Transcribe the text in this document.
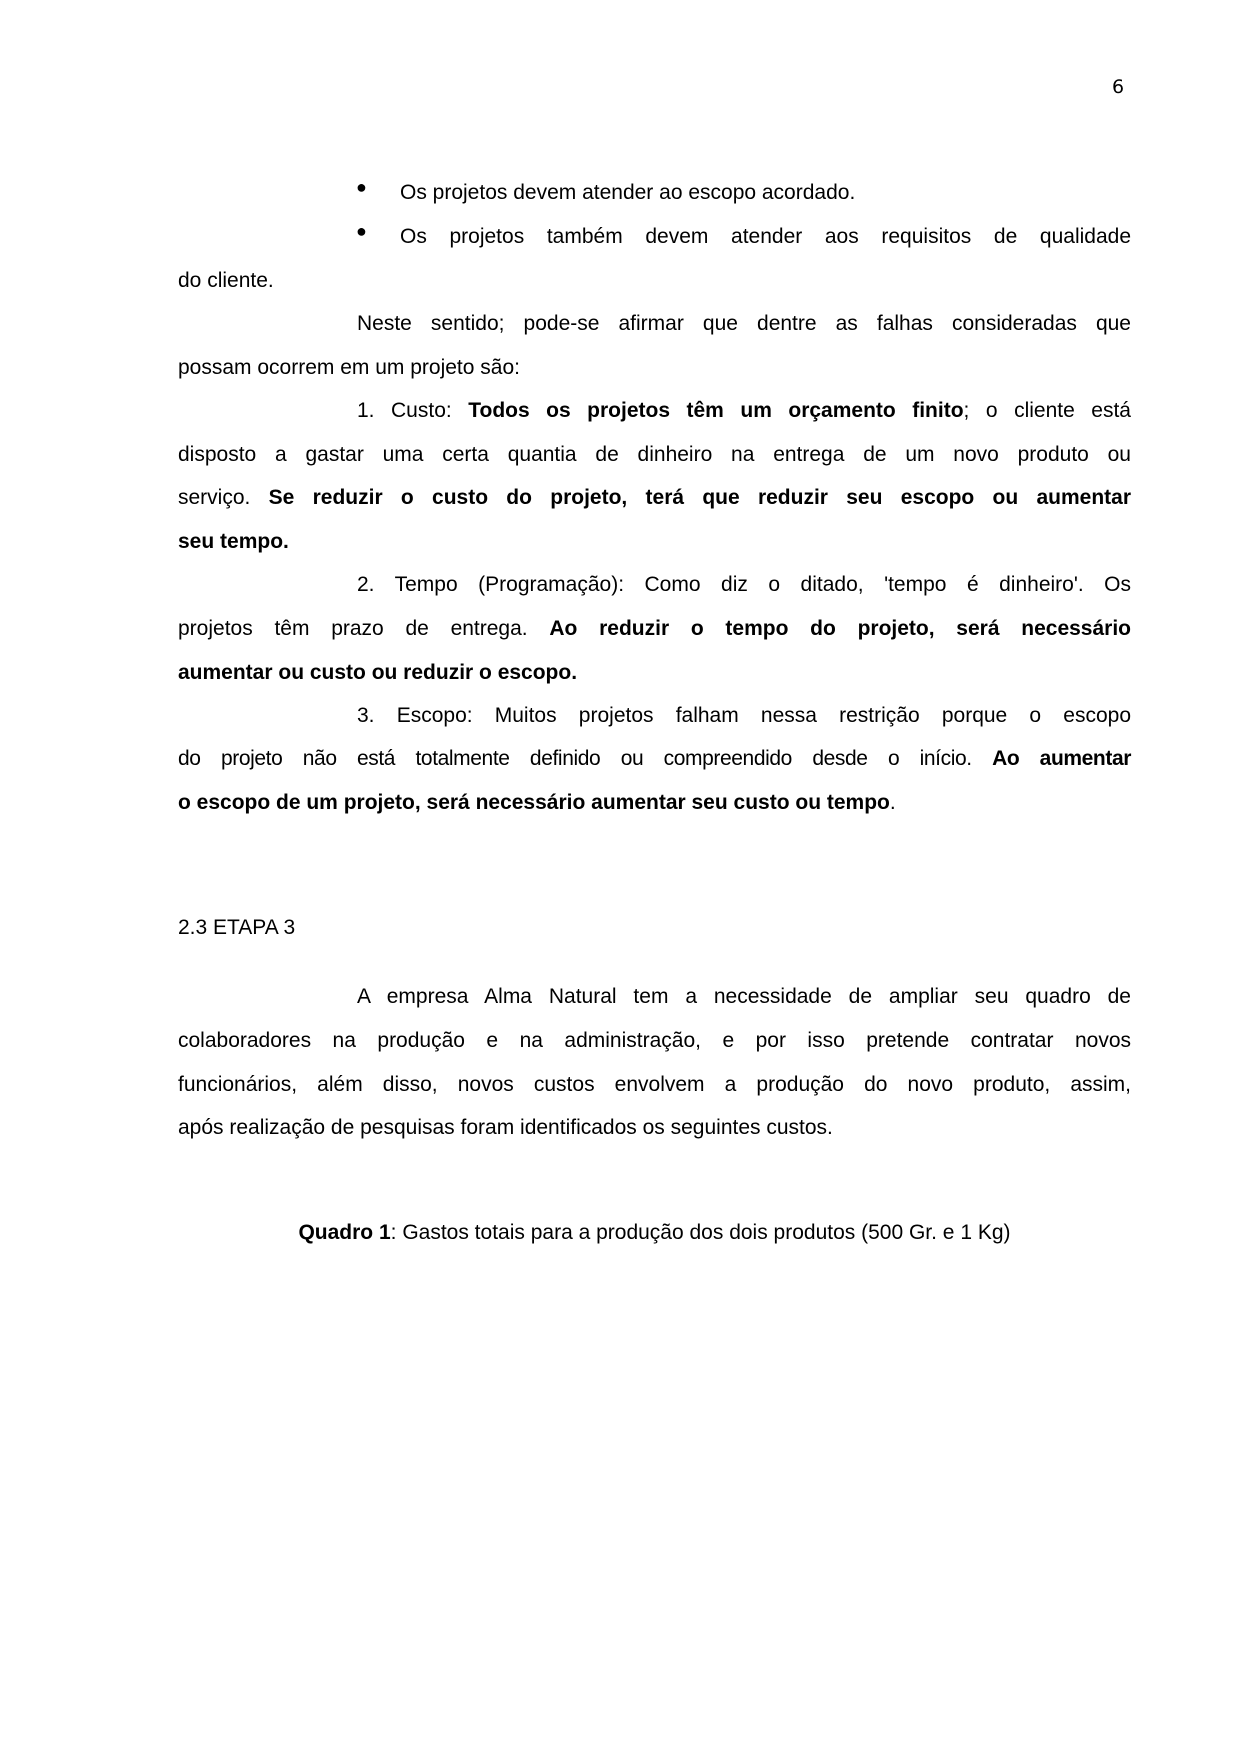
6
● Os projetos devem atender ao escopo acordado.
● Os projetos também devem atender aos requisitos de qualidade
do cliente.
Neste sentido; pode-se afirmar que dentre as falhas consideradas que
possam ocorrem em um projeto são:
1. Custo: Todos os projetos têm um orçamento finito; o cliente está
disposto a gastar uma certa quantia de dinheiro na entrega de um novo produto ou
serviço. Se reduzir o custo do projeto, terá que reduzir seu escopo ou aumentar
seu tempo.
2. Tempo (Programação): Como diz o ditado, 'tempo é dinheiro'. Os
projetos têm prazo de entrega. Ao reduzir o tempo do projeto, será necessário
aumentar ou custo ou reduzir o escopo.
3. Escopo: Muitos projetos falham nessa restrição porque o escopo
do projeto não está totalmente definido ou compreendido desde o início. Ao aumentar
o escopo de um projeto, será necessário aumentar seu custo ou tempo.
2.3 ETAPA 3
A empresa Alma Natural tem a necessidade de ampliar seu quadro de
colaboradores na produção e na administração, e por isso pretende contratar novos
funcionários, além disso, novos custos envolvem a produção do novo produto, assim,
após realização de pesquisas foram identificados os seguintes custos.
Quadro 1: Gastos totais para a produção dos dois produtos (500 Gr. e 1 Kg)
